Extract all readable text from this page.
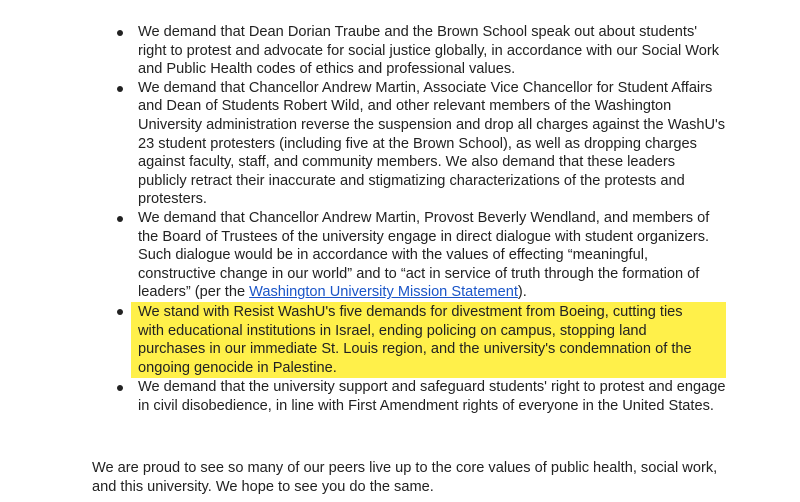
We demand that Dean Dorian Traube and the Brown School speak out about students' right to protest and advocate for social justice globally, in accordance with our Social Work and Public Health codes of ethics and professional values.
We demand that Chancellor Andrew Martin, Associate Vice Chancellor for Student Affairs and Dean of Students Robert Wild, and other relevant members of the Washington University administration reverse the suspension and drop all charges against the WashU's 23 student protesters (including five at the Brown School), as well as dropping charges against faculty, staff, and community members. We also demand that these leaders publicly retract their inaccurate and stigmatizing characterizations of the protests and protesters.
We demand that Chancellor Andrew Martin, Provost Beverly Wendland, and members of the Board of Trustees of the university engage in direct dialogue with student organizers. Such dialogue would be in accordance with the values of effecting “meaningful, constructive change in our world” and to “act in service of truth through the formation of leaders” (per the Washington University Mission Statement).
We stand with Resist WashU's five demands for divestment from Boeing, cutting ties with educational institutions in Israel, ending policing on campus, stopping land purchases in our immediate St. Louis region, and the university's condemnation of the ongoing genocide in Palestine.
We demand that the university support and safeguard students' right to protest and engage in civil disobedience, in line with First Amendment rights of everyone in the United States.

We are proud to see so many of our peers live up to the core values of public health, social work, and this university. We hope to see you do the same.
